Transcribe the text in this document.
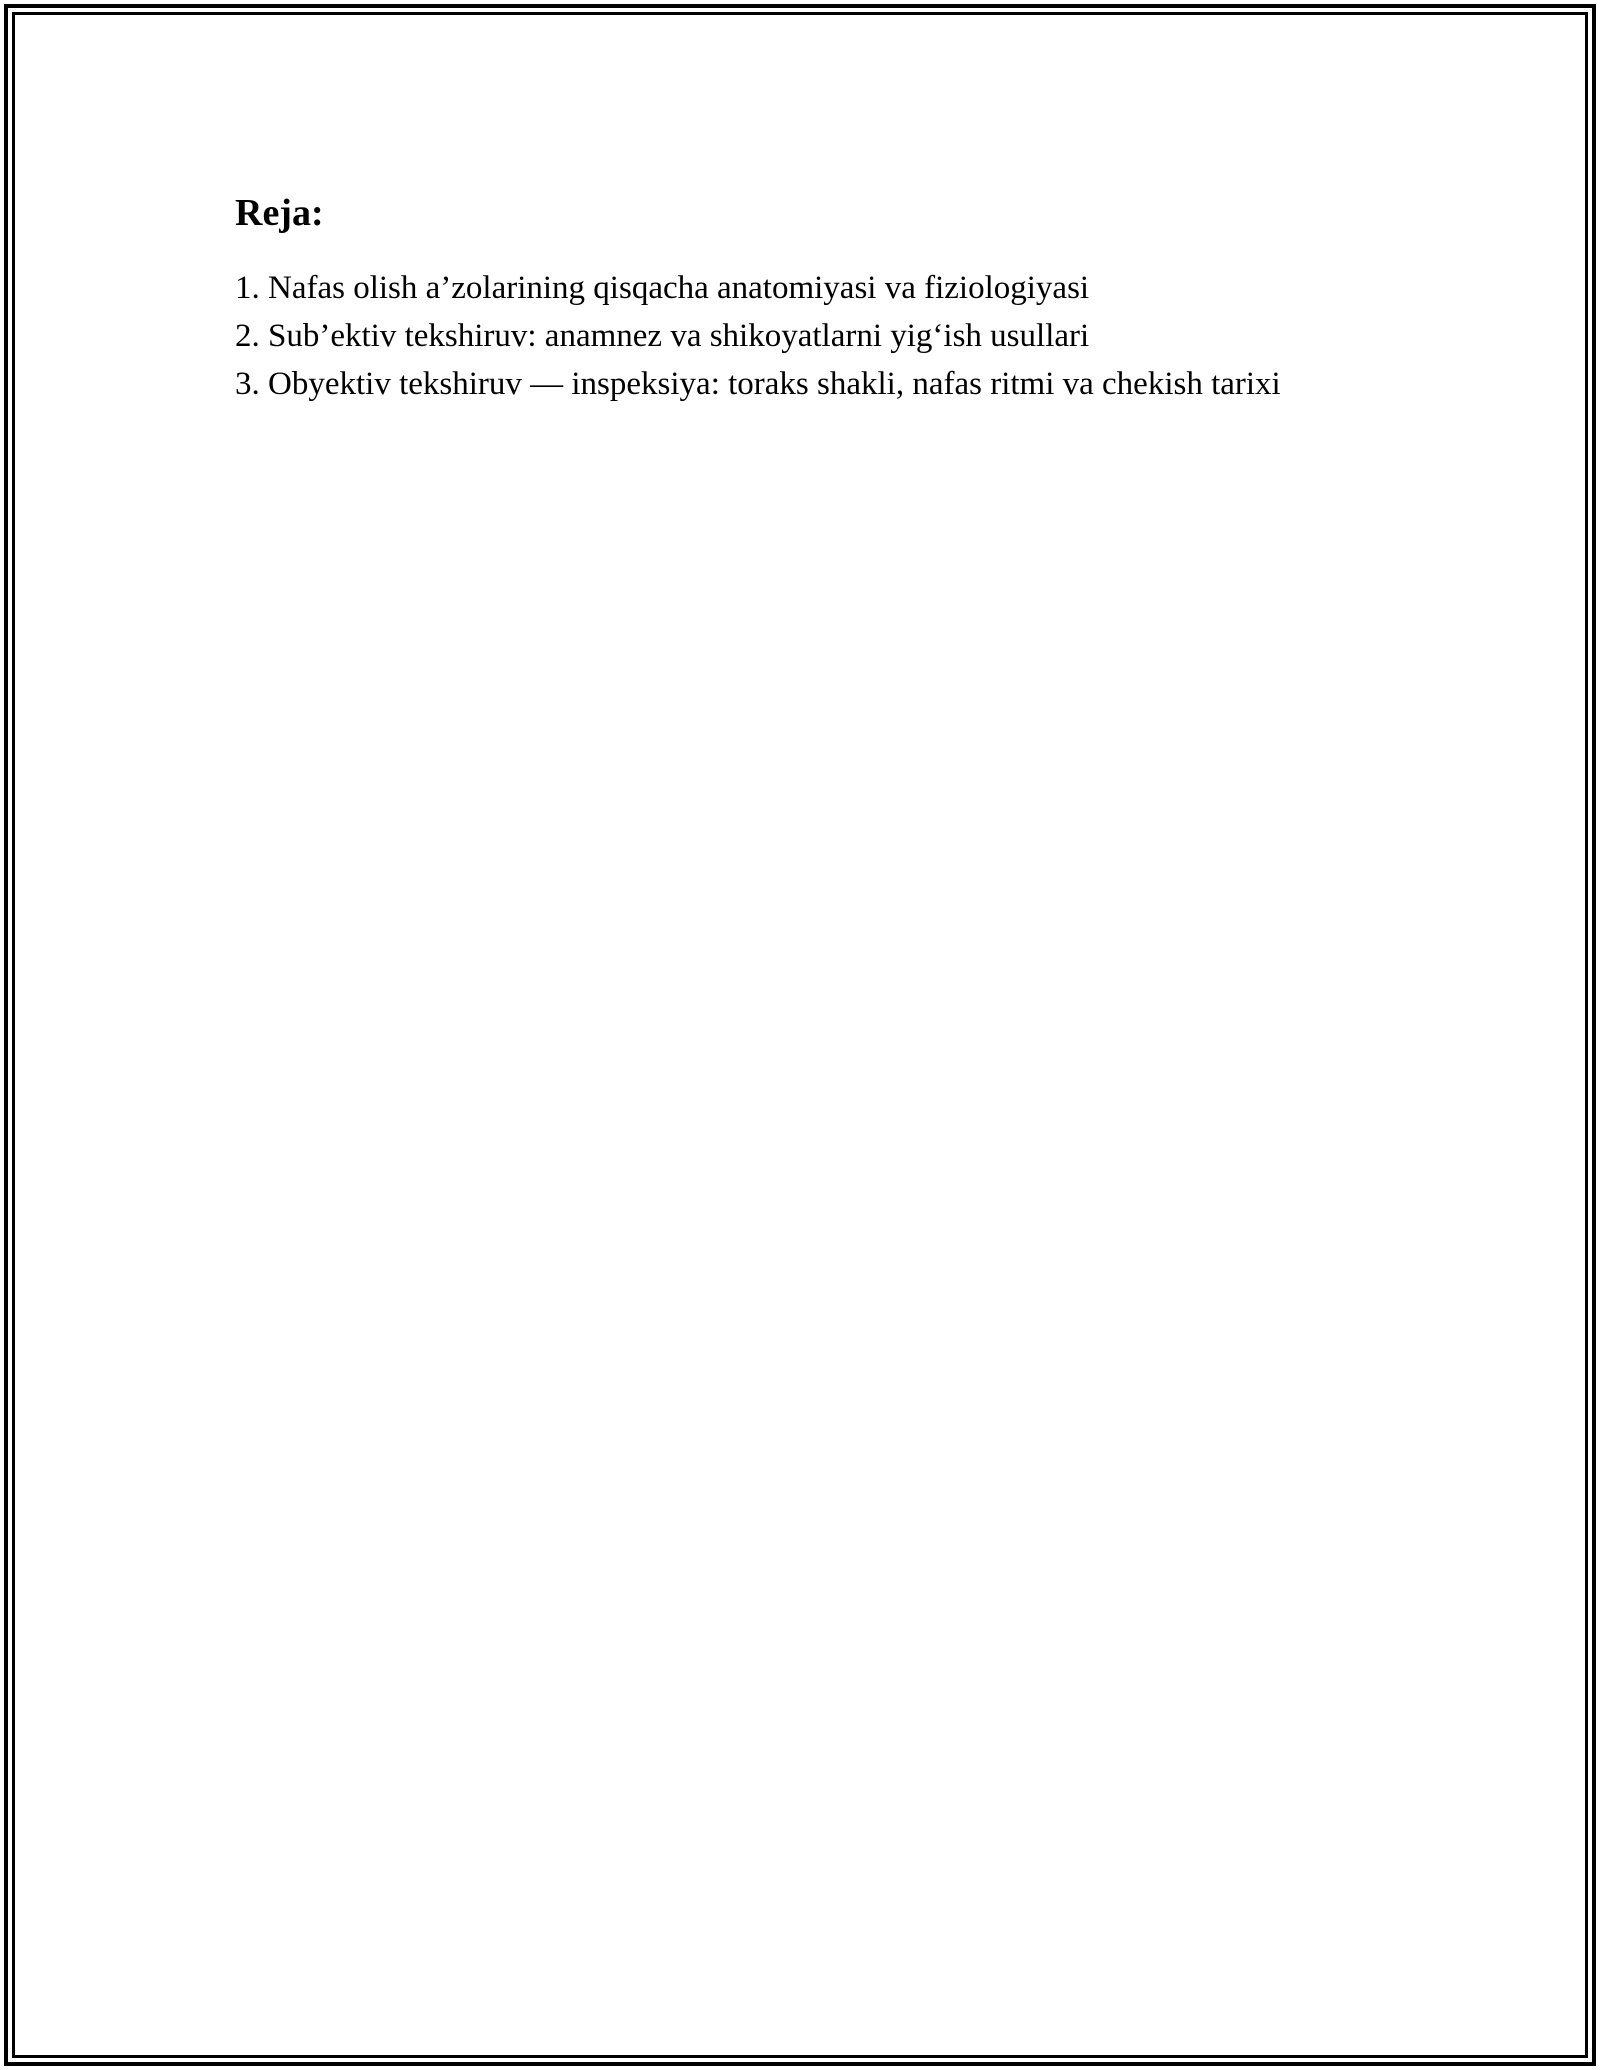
Reja:
1. Nafas olish a’zolarining qisqacha anatomiyasi va fiziologiyasi
2. Sub’ektiv tekshiruv: anamnez va shikoyatlarni yig‘ish usullari
3. Obyektiv tekshiruv — inspeksiya: toraks shakli, nafas ritmi va chekish tarixi
